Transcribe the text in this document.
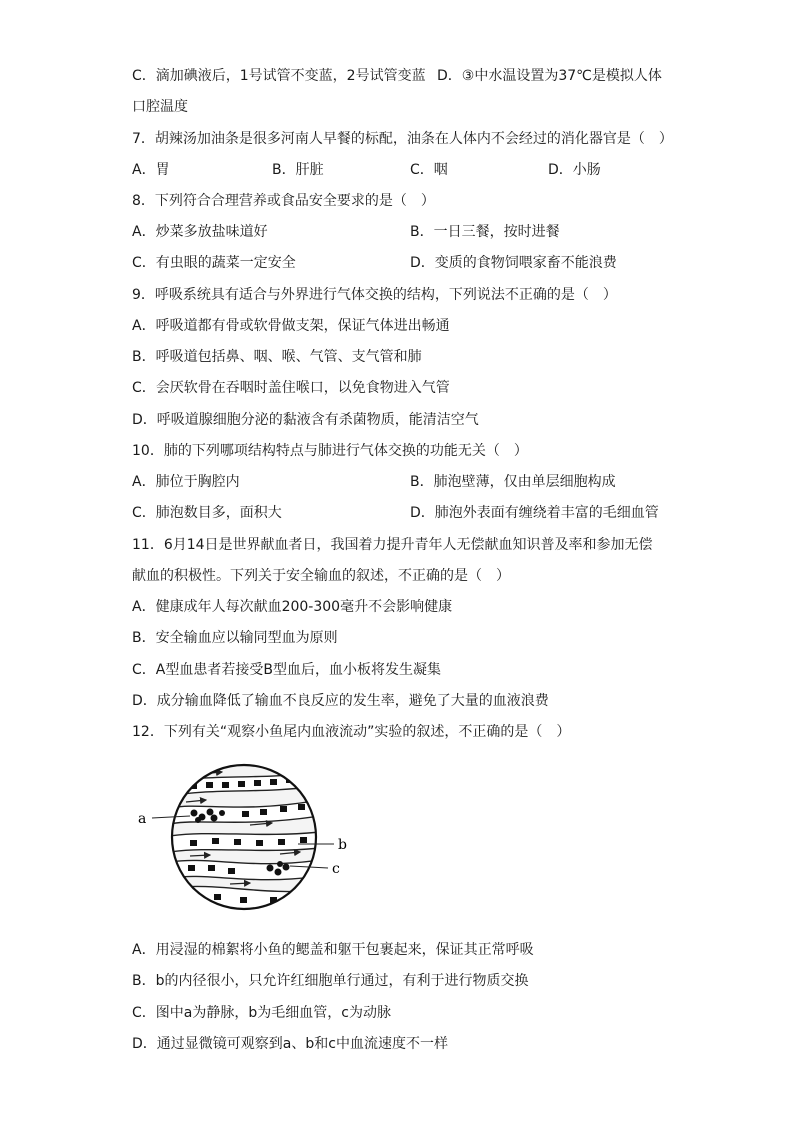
C．滴加碘液后，1号试管不变蓝，2号试管变蓝 D．③中水温设置为37℃是模拟人体
口腔温度
7．胡辣汤加油条是很多河南人早餐的标配，油条在人体内不会经过的消化器官是（　）
A．胃	B．肝脏	C．咽	D．小肠
8．下列符合合理营养或食品安全要求的是（　）
A．炒菜多放盐味道好	B．一日三餐，按时进餐
C．有虫眼的蔬菜一定安全	D．变质的食物饲喂家畜不能浪费
9．呼吸系统具有适合与外界进行气体交换的结构，下列说法不正确的是（　）
A．呼吸道都有骨或软骨做支架，保证气体进出畅通
B．呼吸道包括鼻、咽、喉、气管、支气管和肺
C．会厌软骨在吞咽时盖住喉口，以免食物进入气管
D．呼吸道腺细胞分泌的黏液含有杀菌物质，能清洁空气
10．肺的下列哪项结构特点与肺进行气体交换的功能无关（　）
A．肺位于胸腔内	B．肺泡壁薄，仅由单层细胞构成
C．肺泡数目多，面积大	D．肺泡外表面有缠绕着丰富的毛细血管
11．6月14日是世界献血者日，我国着力提升青年人无偿献血知识普及率和参加无偿
献血的积极性。下列关于安全输血的叙述，不正确的是（　）
A．健康成年人每次献血200-300毫升不会影响健康
B．安全输血应以输同型血为原则
C．A型血患者若接受B型血后，血小板将发生凝集
D．成分输血降低了输血不良反应的发生率，避免了大量的血液浪费
12．下列有关“观察小鱼尾内血液流动”实验的叙述，不正确的是（　）
a
b
c
A．用浸湿的棉絮将小鱼的鳃盖和躯干包裹起来，保证其正常呼吸
B．b的内径很小，只允许红细胞单行通过，有利于进行物质交换
C．图中a为静脉，b为毛细血管，c为动脉
D．通过显微镜可观察到a、b和c中血流速度不一样
